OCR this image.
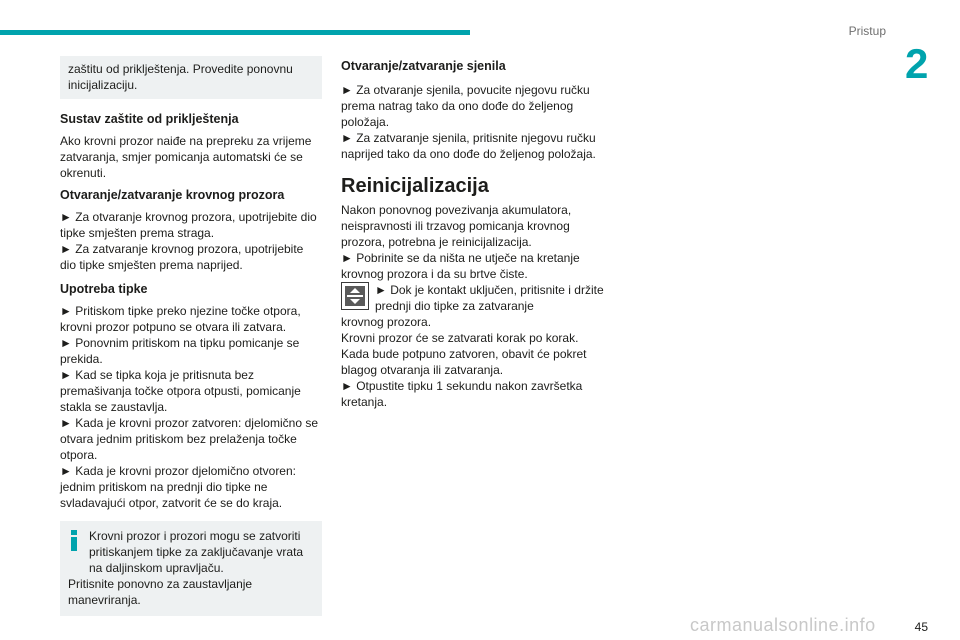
Pristup
2

zaštitu od priklještenja. Provedite ponovnu inicijalizaciju.

Sustav zaštite od priklještenja

Ako krovni prozor naiđe na prepreku za vrijeme zatvaranja, smjer pomicanja automatski će se okrenuti.

Otvaranje/zatvaranje krovnog prozora

► Za otvaranje krovnog prozora, upotrijebite dio tipke smješten prema straga.

► Za zatvaranje krovnog prozora, upotrijebite dio tipke smješten prema naprijed.

Upotreba tipke

► Pritiskom tipke preko njezine točke otpora, krovni prozor potpuno se otvara ili zatvara.

► Ponovnim pritiskom na tipku pomicanje se prekida.

► Kad se tipka koja je pritisnuta bez premašivanja točke otpora otpusti, pomicanje stakla se zaustavlja.

► Kada je krovni prozor zatvoren: djelomično se otvara jednim pritiskom bez prelaženja točke otpora.

► Kada je krovni prozor djelomično otvoren: jednim pritiskom na prednji dio tipke ne svladavajući otpor, zatvorit će se do kraja.

Krovni prozor i prozori mogu se zatvoriti pritiskanjem tipke za zaključavanje vrata na daljinskom upravljaču.

Pritisnite ponovno za zaustavljanje manevriranja.

Otvaranje/zatvaranje sjenila

► Za otvaranje sjenila, povucite njegovu ručku prema natrag tako da ono dođe do željenog položaja.

► Za zatvaranje sjenila, pritisnite njegovu ručku naprijed tako da ono dođe do željenog položaja.

Reinicijalizacija

Nakon ponovnog povezivanja akumulatora, neispravnosti ili trzavog pomicanja krovnog prozora, potrebna je reinicijalizacija.

► Pobrinite se da ništa ne utječe na kretanje krovnog prozora i da su brtve čiste.

► Dok je kontakt uključen, pritisnite i držite prednji dio tipke za zatvaranje

krovnog prozora.

Krovni prozor će se zatvarati korak po korak. Kada bude potpuno zatvoren, obavit će pokret blagog otvaranja ili zatvaranja.

► Otpustite tipku 1 sekundu nakon završetka kretanja.

carmanualsonline.info	45
